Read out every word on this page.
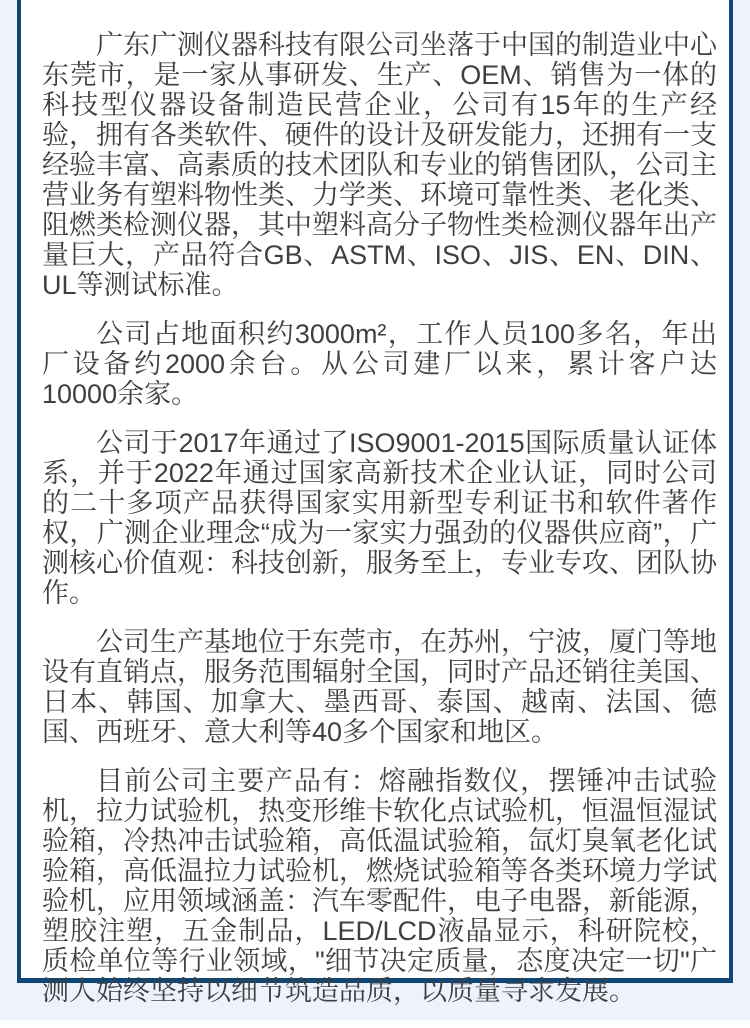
广东广测仪器科技有限公司坐落于中国的制造业中心东莞市，是一家从事研发、生产、OEM、销售为一体的科技型仪器设备制造民营企业，公司有15年的生产经验，拥有各类软件、硬件的设计及研发能力，还拥有一支经验丰富、高素质的技术团队和专业的销售团队，公司主营业务有塑料物性类、力学类、环境可靠性类、老化类、阻燃类检测仪器，其中塑料高分子物性类检测仪器年出产量巨大，产品符合GB、ASTM、ISO、JIS、EN、DIN、UL等测试标准。

公司占地面积约3000m²，工作人员100多名，年出厂设备约2000余台。从公司建厂以来，累计客户达10000余家。

公司于2017年通过了ISO9001-2015国际质量认证体系，并于2022年通过国家高新技术企业认证，同时公司的二十多项产品获得国家实用新型专利证书和软件著作权，广测企业理念“成为一家实力强劲的仪器供应商”，广测核心价值观：科技创新，服务至上，专业专攻、团队协作。

公司生产基地位于东莞市，在苏州，宁波，厦门等地设有直销点，服务范围辐射全国，同时产品还销往美国、日本、韩国、加拿大、墨西哥、泰国、越南、法国、德国、西班牙、意大利等40多个国家和地区。

目前公司主要产品有：熔融指数仪，摆锤冲击试验机，拉力试验机，热变形维卡软化点试验机，恒温恒湿试验箱，冷热冲击试验箱，高低温试验箱，氙灯臭氧老化试验箱，高低温拉力试验机，燃烧试验箱等各类环境力学试验机，应用领域涵盖：汽车零配件，电子电器，新能源，塑胶注塑，五金制品，LED/LCD液晶显示，科研院校，质检单位等行业领域，"细节决定质量，态度决定一切"广测人始终坚持以细节筑造品质，以质量寻求发展。
